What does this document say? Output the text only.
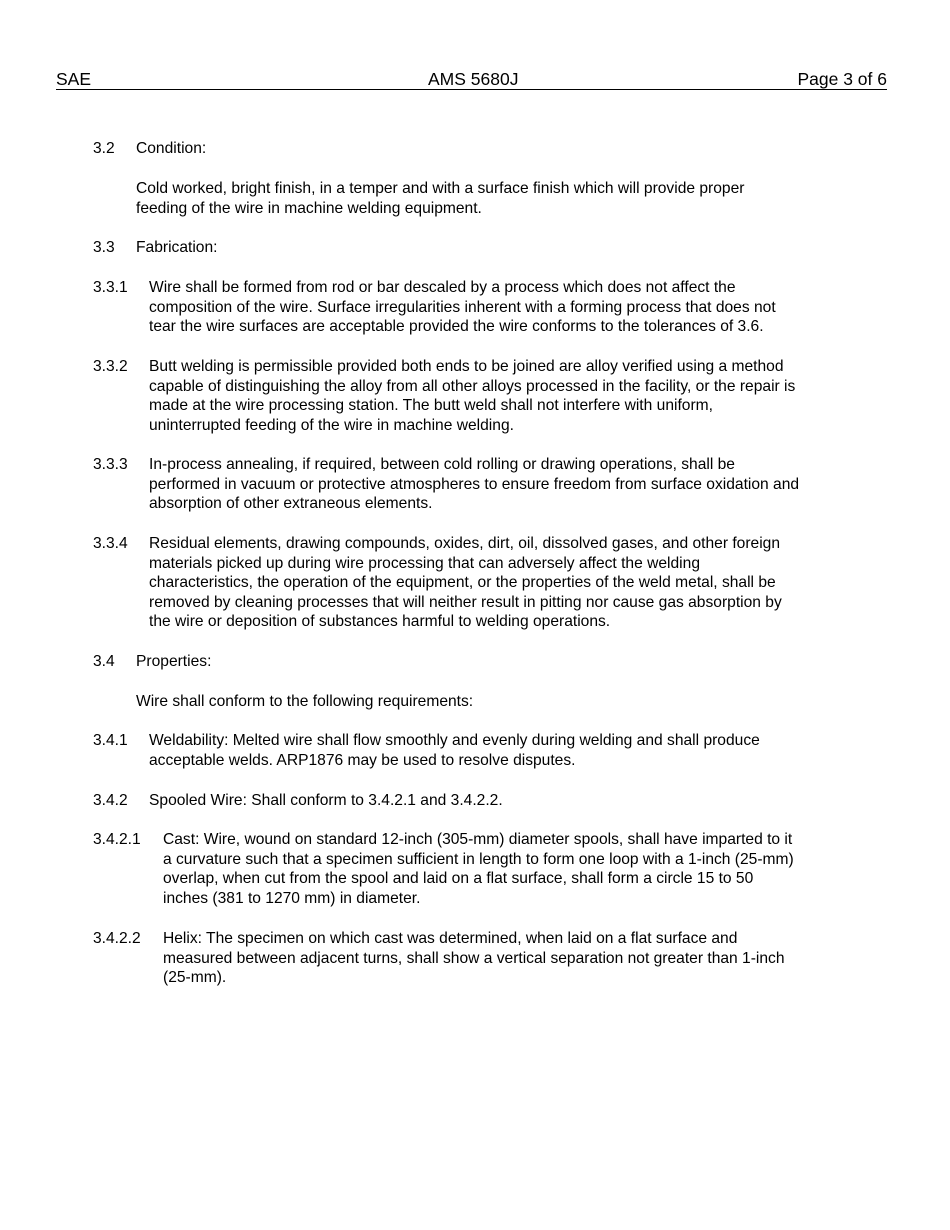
SAE	AMS 5680J	Page 3 of 6
3.2 Condition:
Cold worked, bright finish, in a temper and with a surface finish which will provide proper
feeding of the wire in machine welding equipment.
3.3 Fabrication:
3.3.1 Wire shall be formed from rod or bar descaled by a process which does not affect the
composition of the wire. Surface irregularities inherent with a forming process that does not
tear the wire surfaces are acceptable provided the wire conforms to the tolerances of 3.6.
3.3.2 Butt welding is permissible provided both ends to be joined are alloy verified using a method
capable of distinguishing the alloy from all other alloys processed in the facility, or the repair is
made at the wire processing station. The butt weld shall not interfere with uniform,
uninterrupted feeding of the wire in machine welding.
3.3.3 In-process annealing, if required, between cold rolling or drawing operations, shall be
performed in vacuum or protective atmospheres to ensure freedom from surface oxidation and
absorption of other extraneous elements.
3.3.4 Residual elements, drawing compounds, oxides, dirt, oil, dissolved gases, and other foreign
materials picked up during wire processing that can adversely affect the welding
characteristics, the operation of the equipment, or the properties of the weld metal, shall be
removed by cleaning processes that will neither result in pitting nor cause gas absorption by
the wire or deposition of substances harmful to welding operations.
3.4 Properties:
Wire shall conform to the following requirements:
3.4.1 Weldability: Melted wire shall flow smoothly and evenly during welding and shall produce
acceptable welds. ARP1876 may be used to resolve disputes.
3.4.2 Spooled Wire: Shall conform to 3.4.2.1 and 3.4.2.2.
3.4.2.1 Cast: Wire, wound on standard 12-inch (305-mm) diameter spools, shall have imparted to it
a curvature such that a specimen sufficient in length to form one loop with a 1-inch (25-mm)
overlap, when cut from the spool and laid on a flat surface, shall form a circle 15 to 50
inches (381 to 1270 mm) in diameter.
3.4.2.2 Helix: The specimen on which cast was determined, when laid on a flat surface and
measured between adjacent turns, shall show a vertical separation not greater than 1-inch
(25-mm).
